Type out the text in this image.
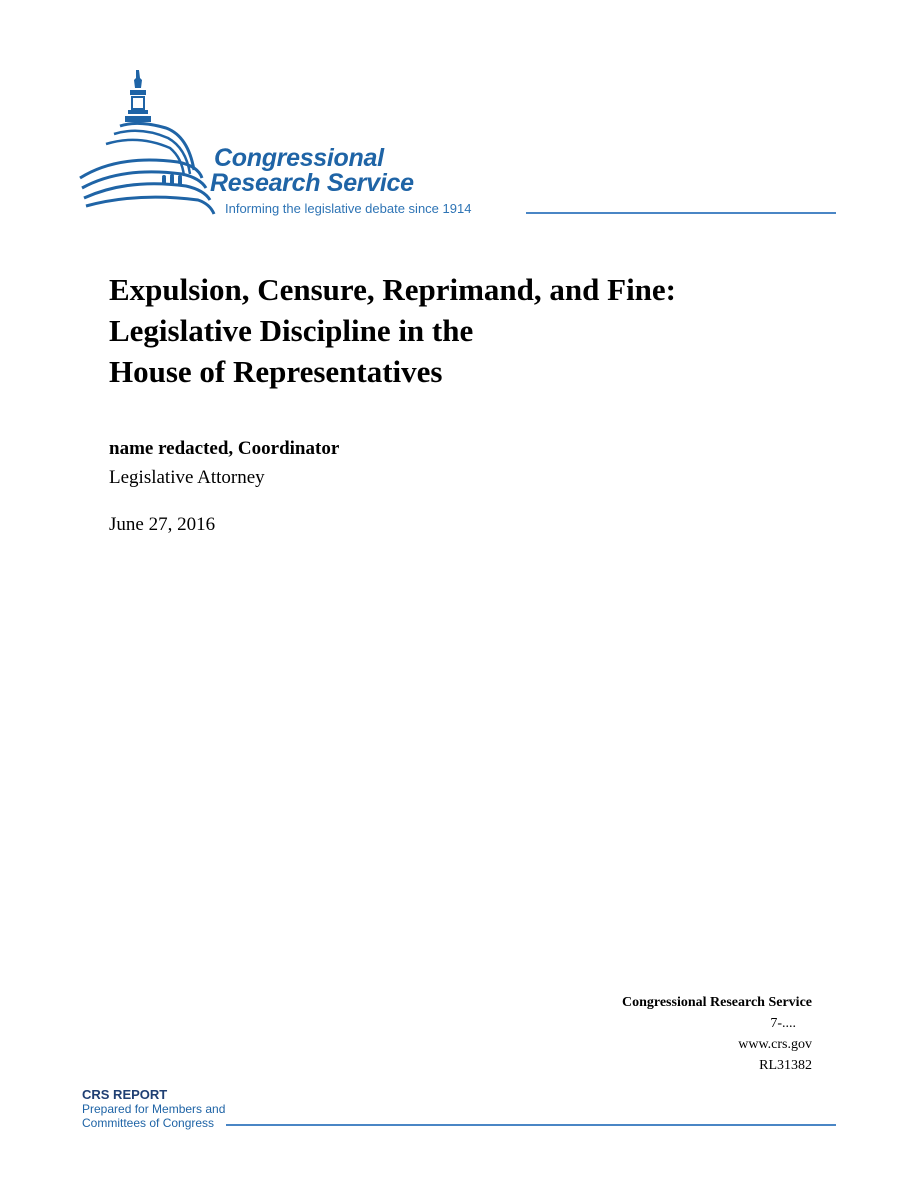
Congressional
Research Service
Informing the legislative debate since 1914
Expulsion, Censure, Reprimand, and Fine:
Legislative Discipline in the
House of Representatives
name redacted, Coordinator
Legislative Attorney
June 27, 2016
Congressional Research Service
7-....
www.crs.gov
RL31382
CRS REPORT
Prepared for Members and
Committees of Congress
